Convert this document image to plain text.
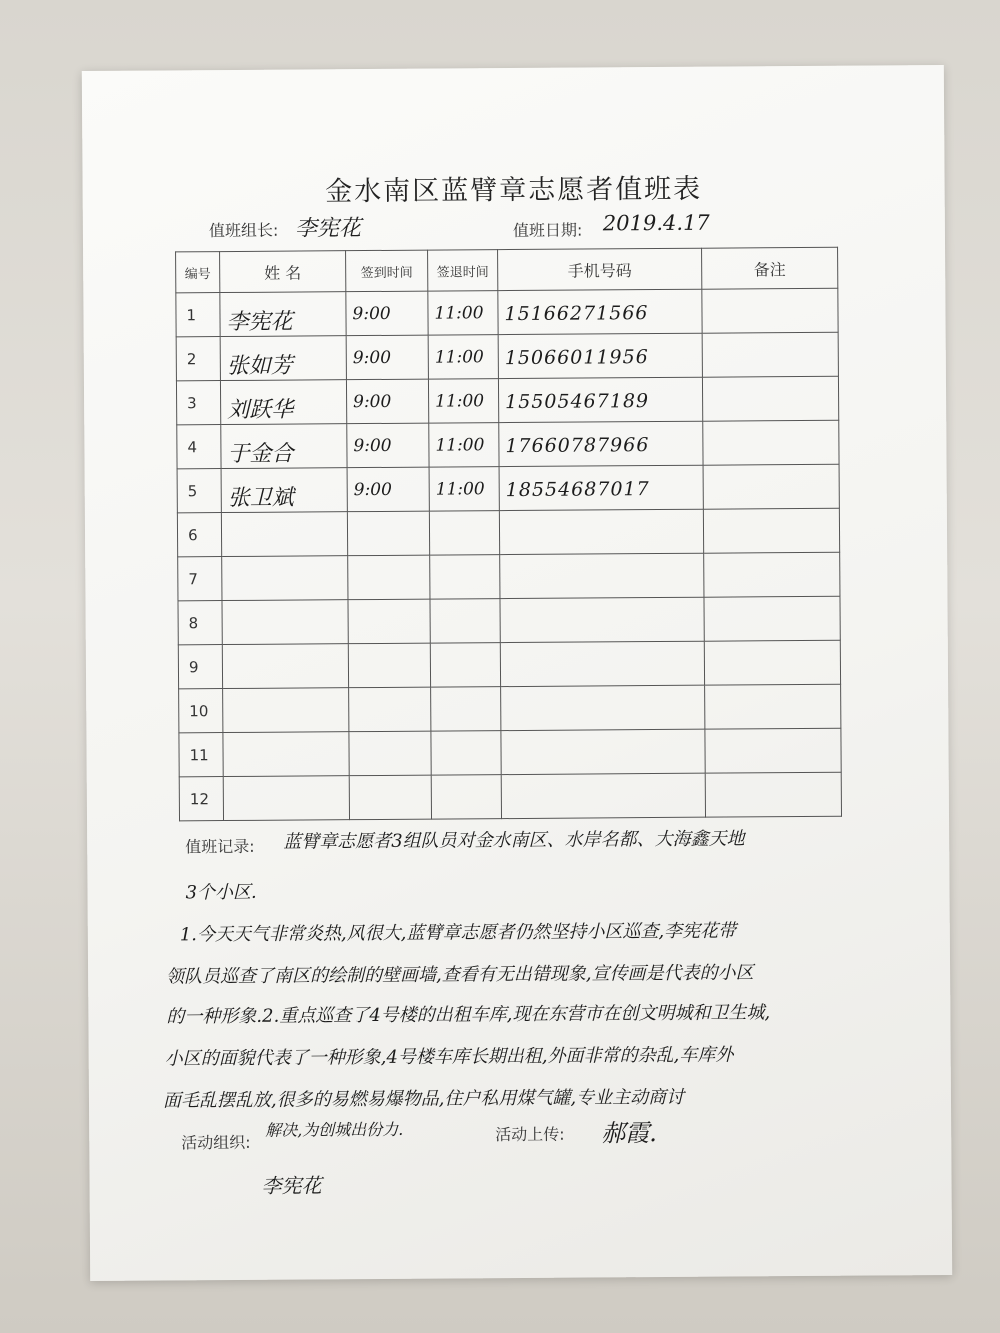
金水南区蓝臂章志愿者值班表
值班组长: 李宪花	值班日期: 2019.4.17
编号	姓 名	签到时间	签退时间	手机号码	备注
1	李宪花	9:00	11:00	15166271566	

2	张如芳	9:00	11:00	15066011956	

3	刘跃华	9:00	11:00	15505467189	

4	于金合	9:00	11:00	17660787966	

5	张卫斌	9:00	11:00	18554687017	

6					
7					
8					
9					
10					
11					
12					
值班记录: 蓝臂章志愿者3组队员对金水南区、水岸名都、大海鑫天地
3个小区.
1.今天天气非常炎热,风很大,蓝臂章志愿者仍然坚持小区巡查,李宪花带
领队员巡查了南区的绘制的壁画墙,查看有无出错现象,宣传画是代表的小区
的一种形象.2.重点巡查了4号楼的出租车库,现在东营市在创文明城和卫生城,
小区的面貌代表了一种形象,4号楼车库长期出租,外面非常的杂乱,车库外
面毛乱摆乱放,很多的易燃易爆物品,住户私用煤气罐,专业主动商讨
活动组织:
解决,为创城出份力.	活动上传: 郝霞.
李宪花
